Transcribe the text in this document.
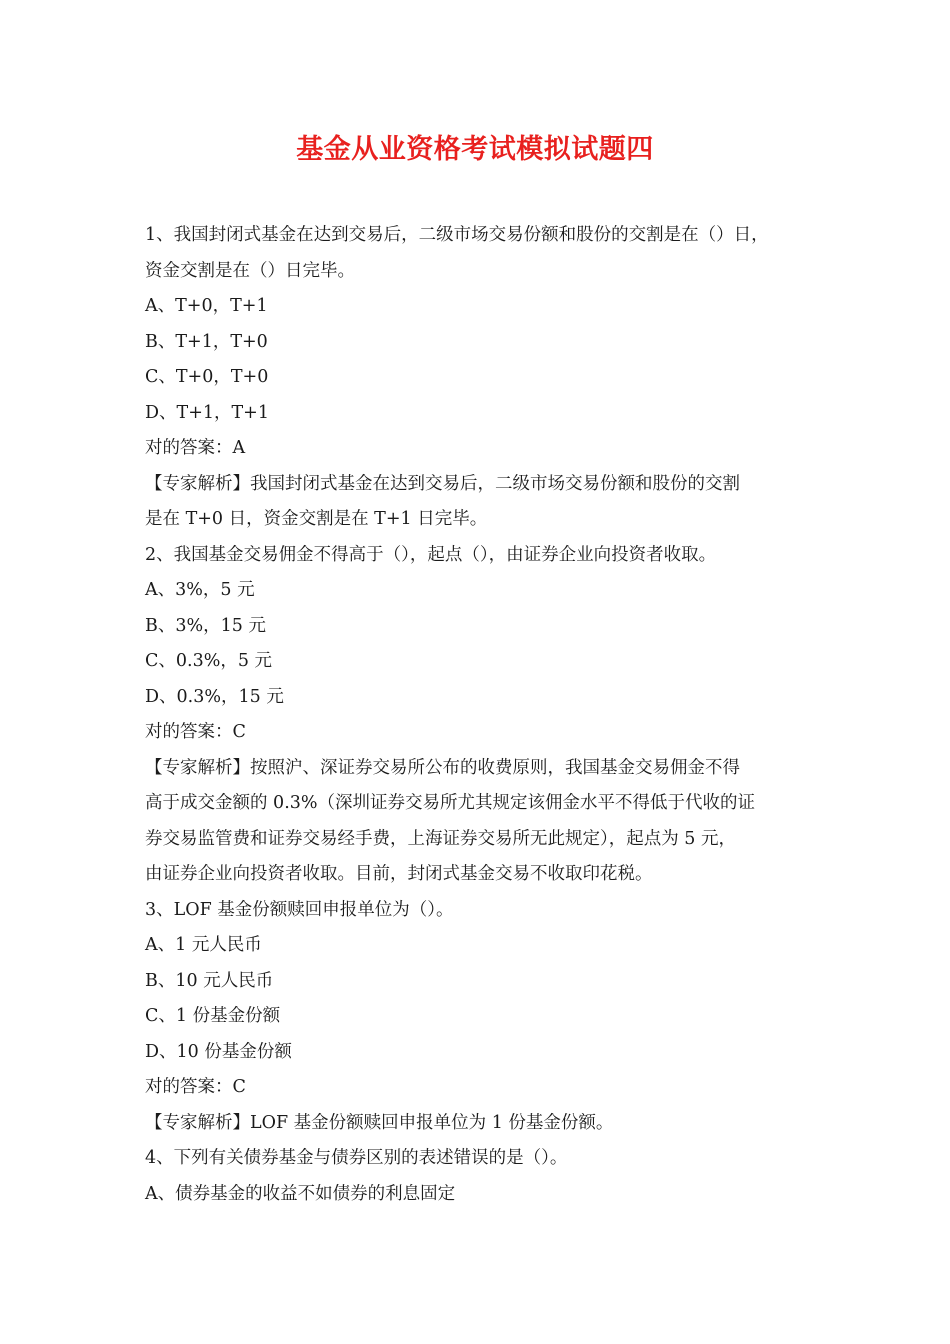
基金从业资格考试模拟试题四
1、我国封闭式基金在达到交易后，二级市场交易份额和股份的交割是在（）日，
资金交割是在（）日完毕。
A、T+0，T+1
B、T+1，T+0
C、T+0，T+0
D、T+1，T+1
对的答案：A
【专家解析】我国封闭式基金在达到交易后，二级市场交易份额和股份的交割
是在 T+0 日，资金交割是在 T+1 日完毕。
2、我国基金交易佣金不得高于（），起点（），由证券企业向投资者收取。
A、3%，5 元
B、3%，15 元
C、0.3%，5 元
D、0.3%，15 元
对的答案：C
【专家解析】按照沪、深证券交易所公布的收费原则，我国基金交易佣金不得
高于成交金额的 0.3%（深圳证券交易所尤其规定该佣金水平不得低于代收的证
券交易监管费和证券交易经手费，上海证券交易所无此规定），起点为 5 元，
由证券企业向投资者收取。目前，封闭式基金交易不收取印花税。
3、LOF 基金份额赎回申报单位为（）。
A、1 元人民币
B、10 元人民币
C、1 份基金份额
D、10 份基金份额
对的答案：C
【专家解析】LOF 基金份额赎回申报单位为 1 份基金份额。
4、下列有关债券基金与债券区别的表述错误的是（）。
A、债券基金的收益不如债券的利息固定
